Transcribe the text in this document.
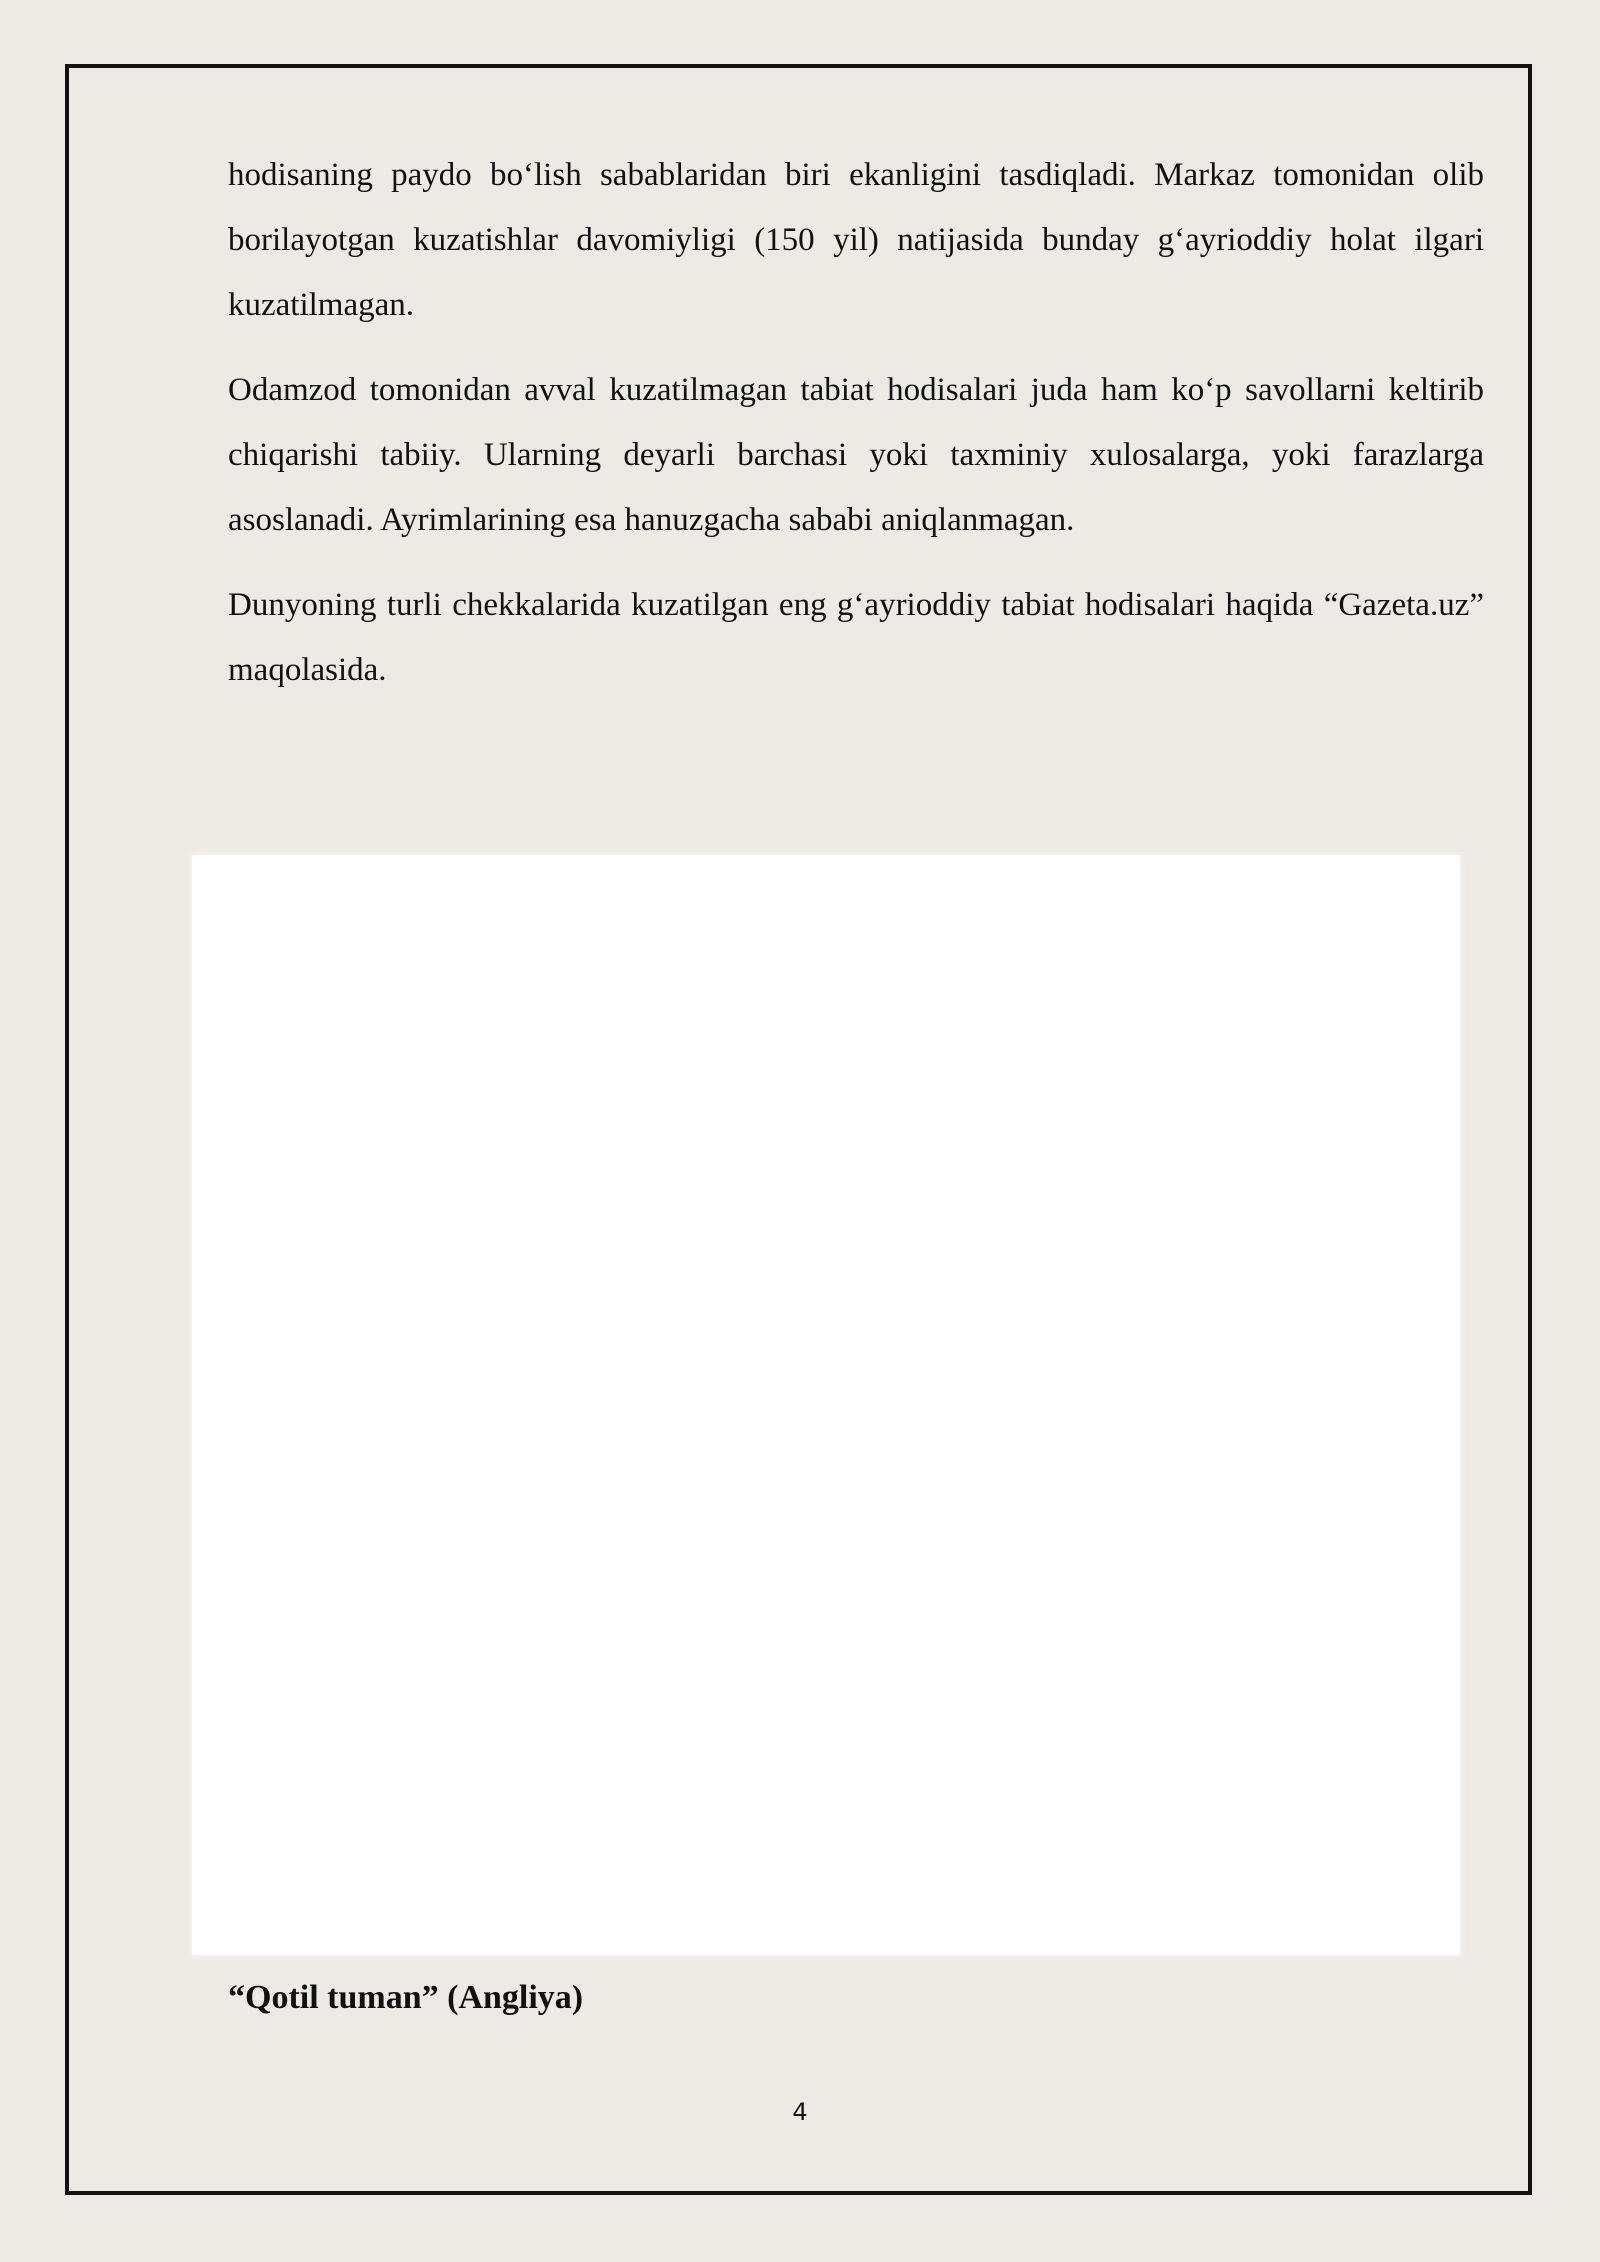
hodisaning paydo bo‘lish sabablaridan biri ekanligini tasdiqladi. Markaz tomonidan olib borilayotgan kuzatishlar davomiyligi (150 yil) natijasida bunday g‘ayrioddiy holat ilgari kuzatilmagan.

Odamzod tomonidan avval kuzatilmagan tabiat hodisalari juda ham ko‘p savollarni keltirib chiqarishi tabiiy. Ularning deyarli barchasi yoki taxminiy xulosalarga, yoki farazlarga asoslanadi. Ayrimlarining esa hanuzgacha sababi aniqlanmagan.

Dunyoning turli chekkalarida kuzatilgan eng g‘ayrioddiy tabiat hodisalari haqida “Gazeta.uz” maqolasida.

“Qotil tuman” (Angliya)
4
